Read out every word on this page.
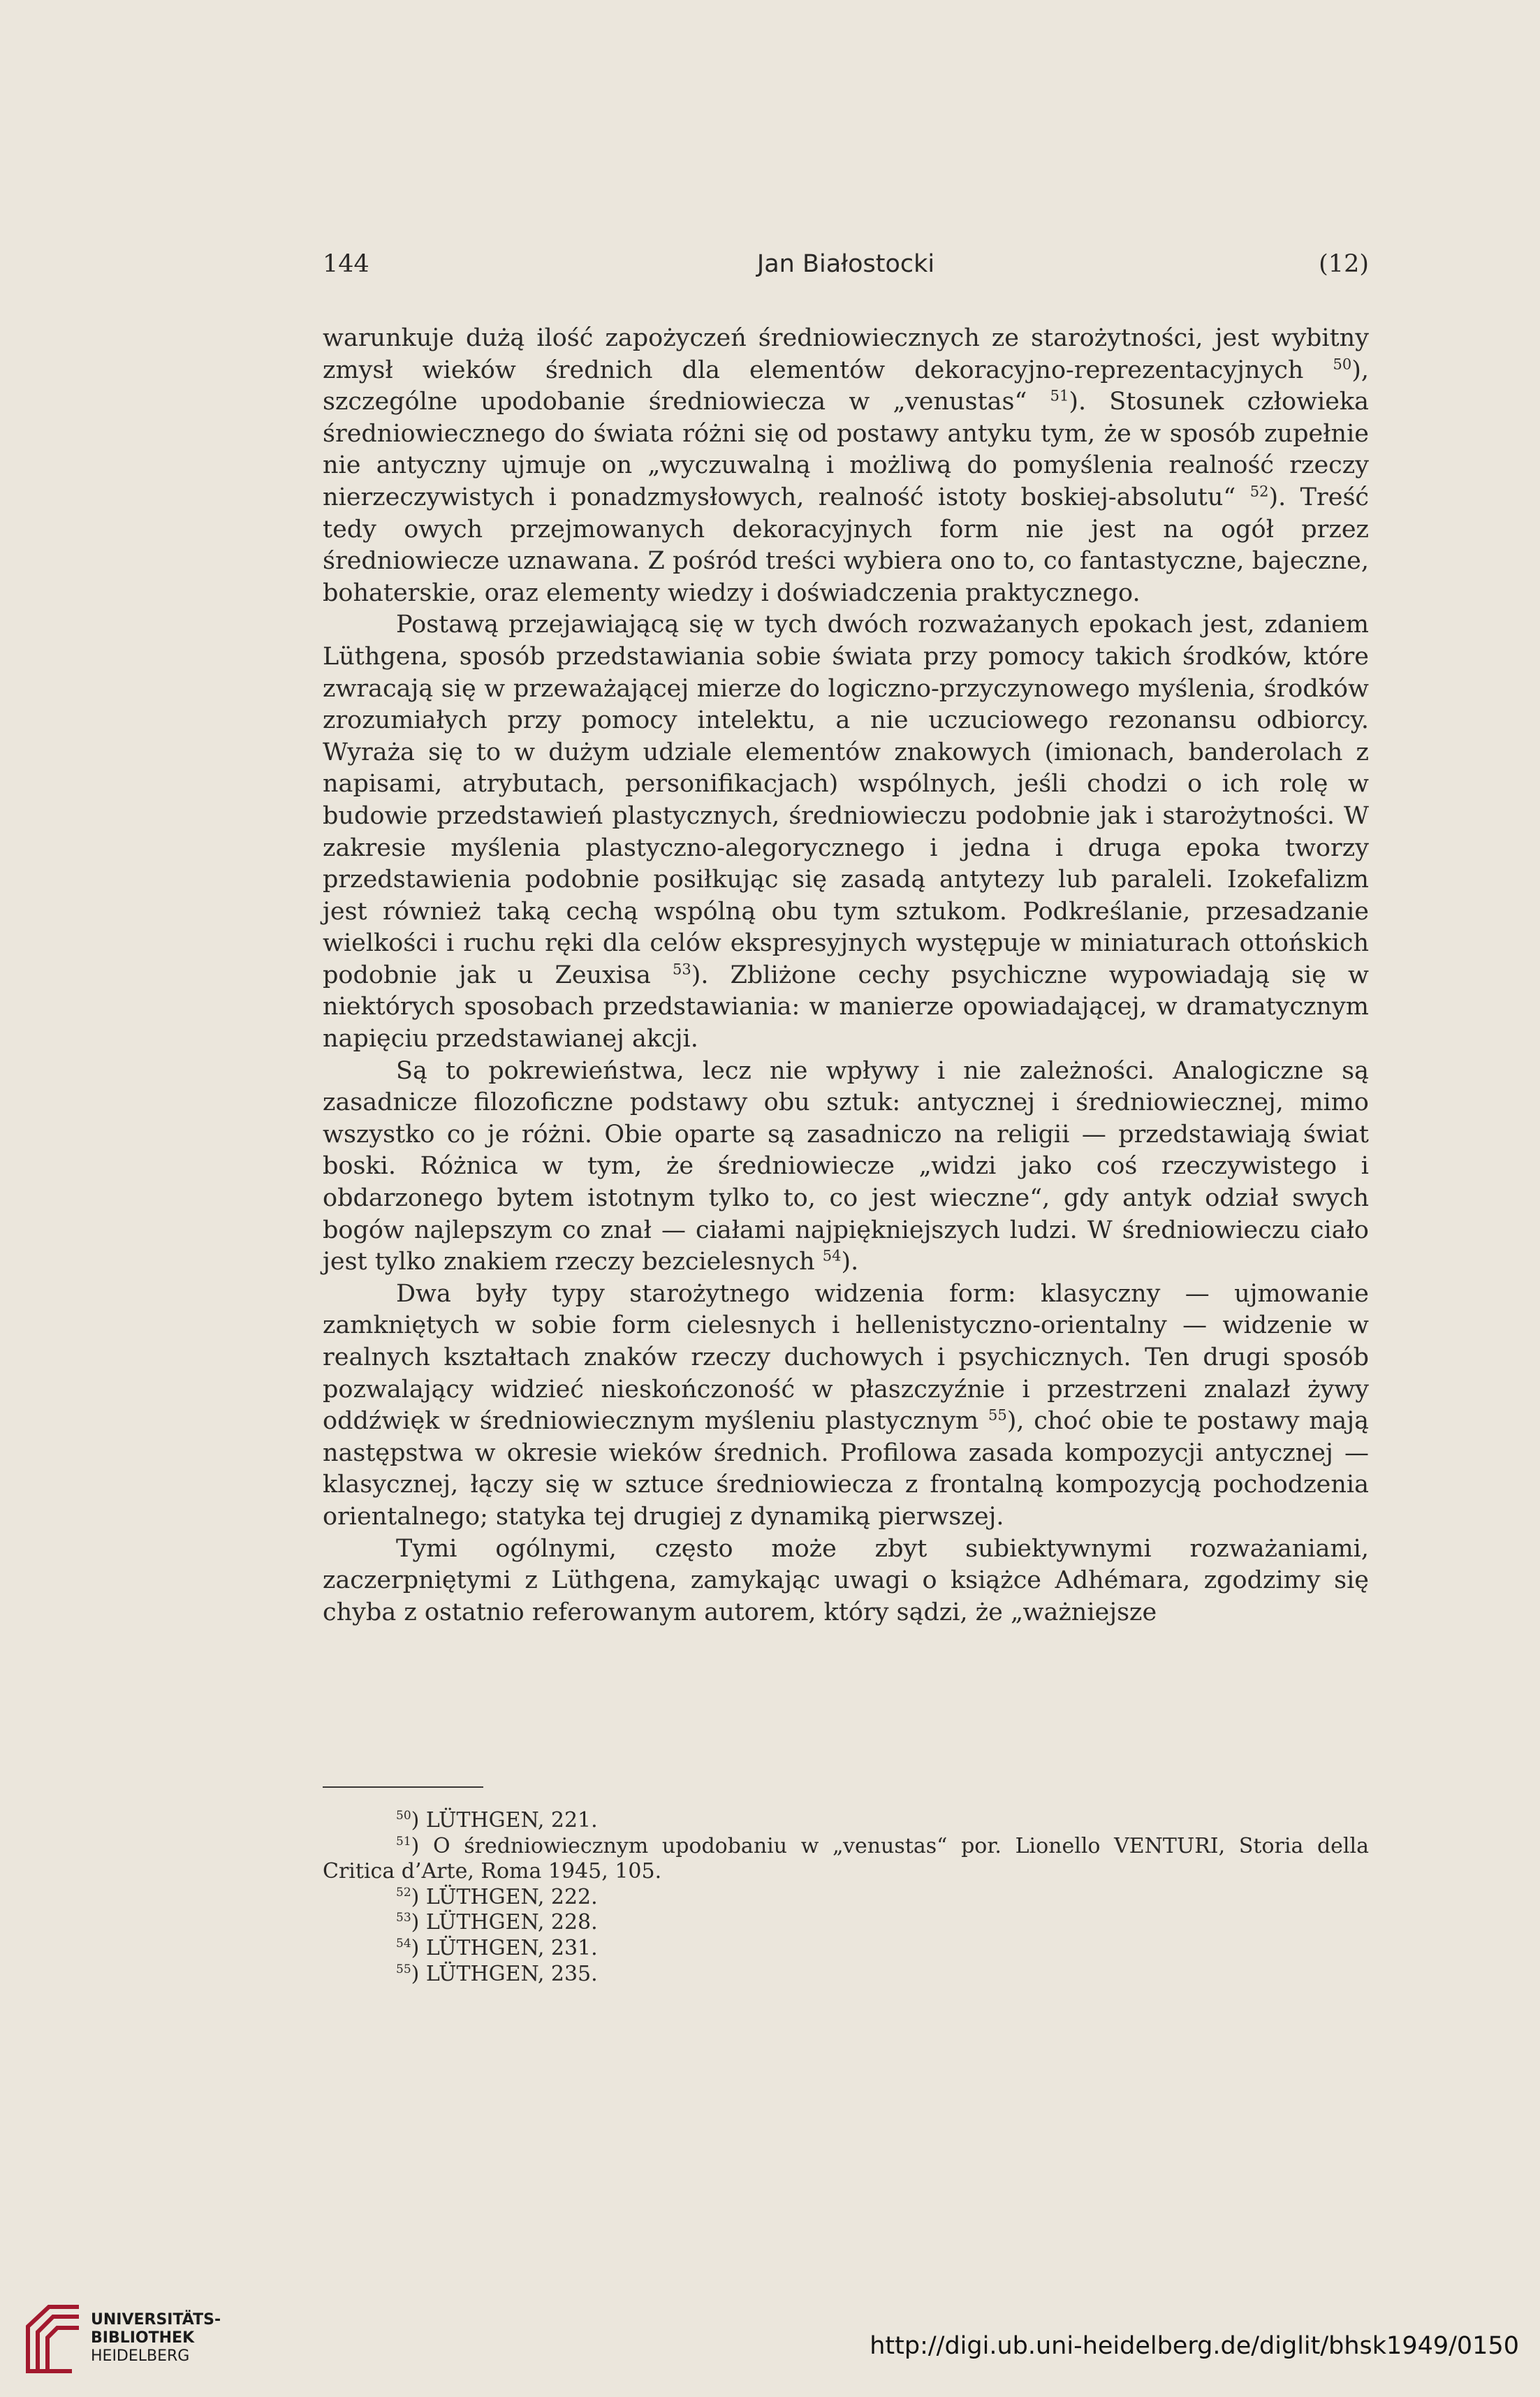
144	Jan Białostocki	(12)

warunkuje dużą ilość zapożyczeń średniowiecznych ze starożytności, jest wybitny zmysł wieków średnich dla elementów dekoracyjno-reprezentacyjnych $^{50}$), szczególne upodobanie średniowiecza w „venustas“ $^{51}$). Stosunek człowieka średniowiecznego do świata różni się od postawy antyku tym, że w sposób zupełnie nie antyczny ujmuje on „wyczuwalną i możliwą do pomyślenia realność rzeczy nierzeczywistych i ponadzmysłowych, realność istoty boskiej-absolutu“ $^{52}$). Treść tedy owych przejmowanych dekoracyjnych form nie jest na ogół przez średniowiecze uznawana. Z pośród treści wybiera ono to, co fantastyczne, bajeczne, bohaterskie, oraz elementy wiedzy i doświadczenia praktycznego.

Postawą przejawiającą się w tych dwóch rozważanych epokach jest, zdaniem Lüthgena, sposób przedstawiania sobie świata przy pomocy takich środków, które zwracają się w przeważającej mierze do logiczno-przyczynowego myślenia, środków zrozumiałych przy pomocy intelektu, a nie uczuciowego rezonansu odbiorcy. Wyraża się to w dużym udziale elementów znakowych (imionach, banderolach z napisami, atrybutach, personifikacjach) wspólnych, jeśli chodzi o ich rolę w budowie przedstawień plastycznych, średniowieczu podobnie jak i starożytności. W zakresie myślenia plastyczno-alegorycznego i jedna i druga epoka tworzy przedstawienia podobnie posiłkując się zasadą antytezy lub paraleli. Izokefalizm jest również taką cechą wspólną obu tym sztukom. Podkreślanie, przesadzanie wielkości i ruchu ręki dla celów ekspresyjnych występuje w miniaturach ottońskich podobnie jak u Zeuxisa $^{53}$). Zbliżone cechy psychiczne wypowiadają się w niektórych sposobach przedstawiania: w manierze opowiadającej, w dramatycznym napięciu przedstawianej akcji.

Są to pokrewieństwa, lecz nie wpływy i nie zależności. Analogiczne są zasadnicze filozoficzne podstawy obu sztuk: antycznej i średniowiecznej, mimo wszystko co je różni. Obie oparte są zasadniczo na religii — przedstawiają świat boski. Różnica w tym, że średniowiecze „widzi jako coś rzeczywistego i obdarzonego bytem istotnym tylko to, co jest wieczne“, gdy antyk odział swych bogów najlepszym co znał — ciałami najpiękniejszych ludzi. W średniowieczu ciało jest tylko znakiem rzeczy bezcielesnych $^{54}$).

Dwa były typy starożytnego widzenia form: klasyczny — ujmowanie zamkniętych w sobie form cielesnych i hellenistyczno-orientalny — widzenie w realnych kształtach znaków rzeczy duchowych i psychicznych. Ten drugi sposób pozwalający widzieć nieskończoność w płaszczyźnie i przestrzeni znalazł żywy oddźwięk w średniowiecznym myśleniu plastycznym $^{55}$), choć obie te postawy mają następstwa w okresie wieków średnich. Profilowa zasada kompozycji antycznej — klasycznej, łączy się w sztuce średniowiecza z frontalną kompozycją pochodzenia orientalnego; statyka tej drugiej z dynamiką pierwszej.

Tymi ogólnymi, często może zbyt subiektywnymi rozważaniami, zaczerpniętymi z Lüthgena, zamykając uwagi o książce Adhémara, zgodzimy się chyba z ostatnio referowanym autorem, który sądzi, że „ważniejsze

$^{50}$) LÜTHGEN, 221.

$^{51}$) O średniowiecznym upodobaniu w „venustas“ por. Lionello VENTURI, Storia della Critica d’Arte, Roma 1945, 105.

$^{52}$) LÜTHGEN, 222.

$^{53}$) LÜTHGEN, 228.

$^{54}$) LÜTHGEN, 231.

$^{55}$) LÜTHGEN, 235.

UNIVERSITÄTS-
BIBLIOTHEK
HEIDELBERG	http://digi.ub.uni-heidelberg.de/diglit/bhsk1949/0150
